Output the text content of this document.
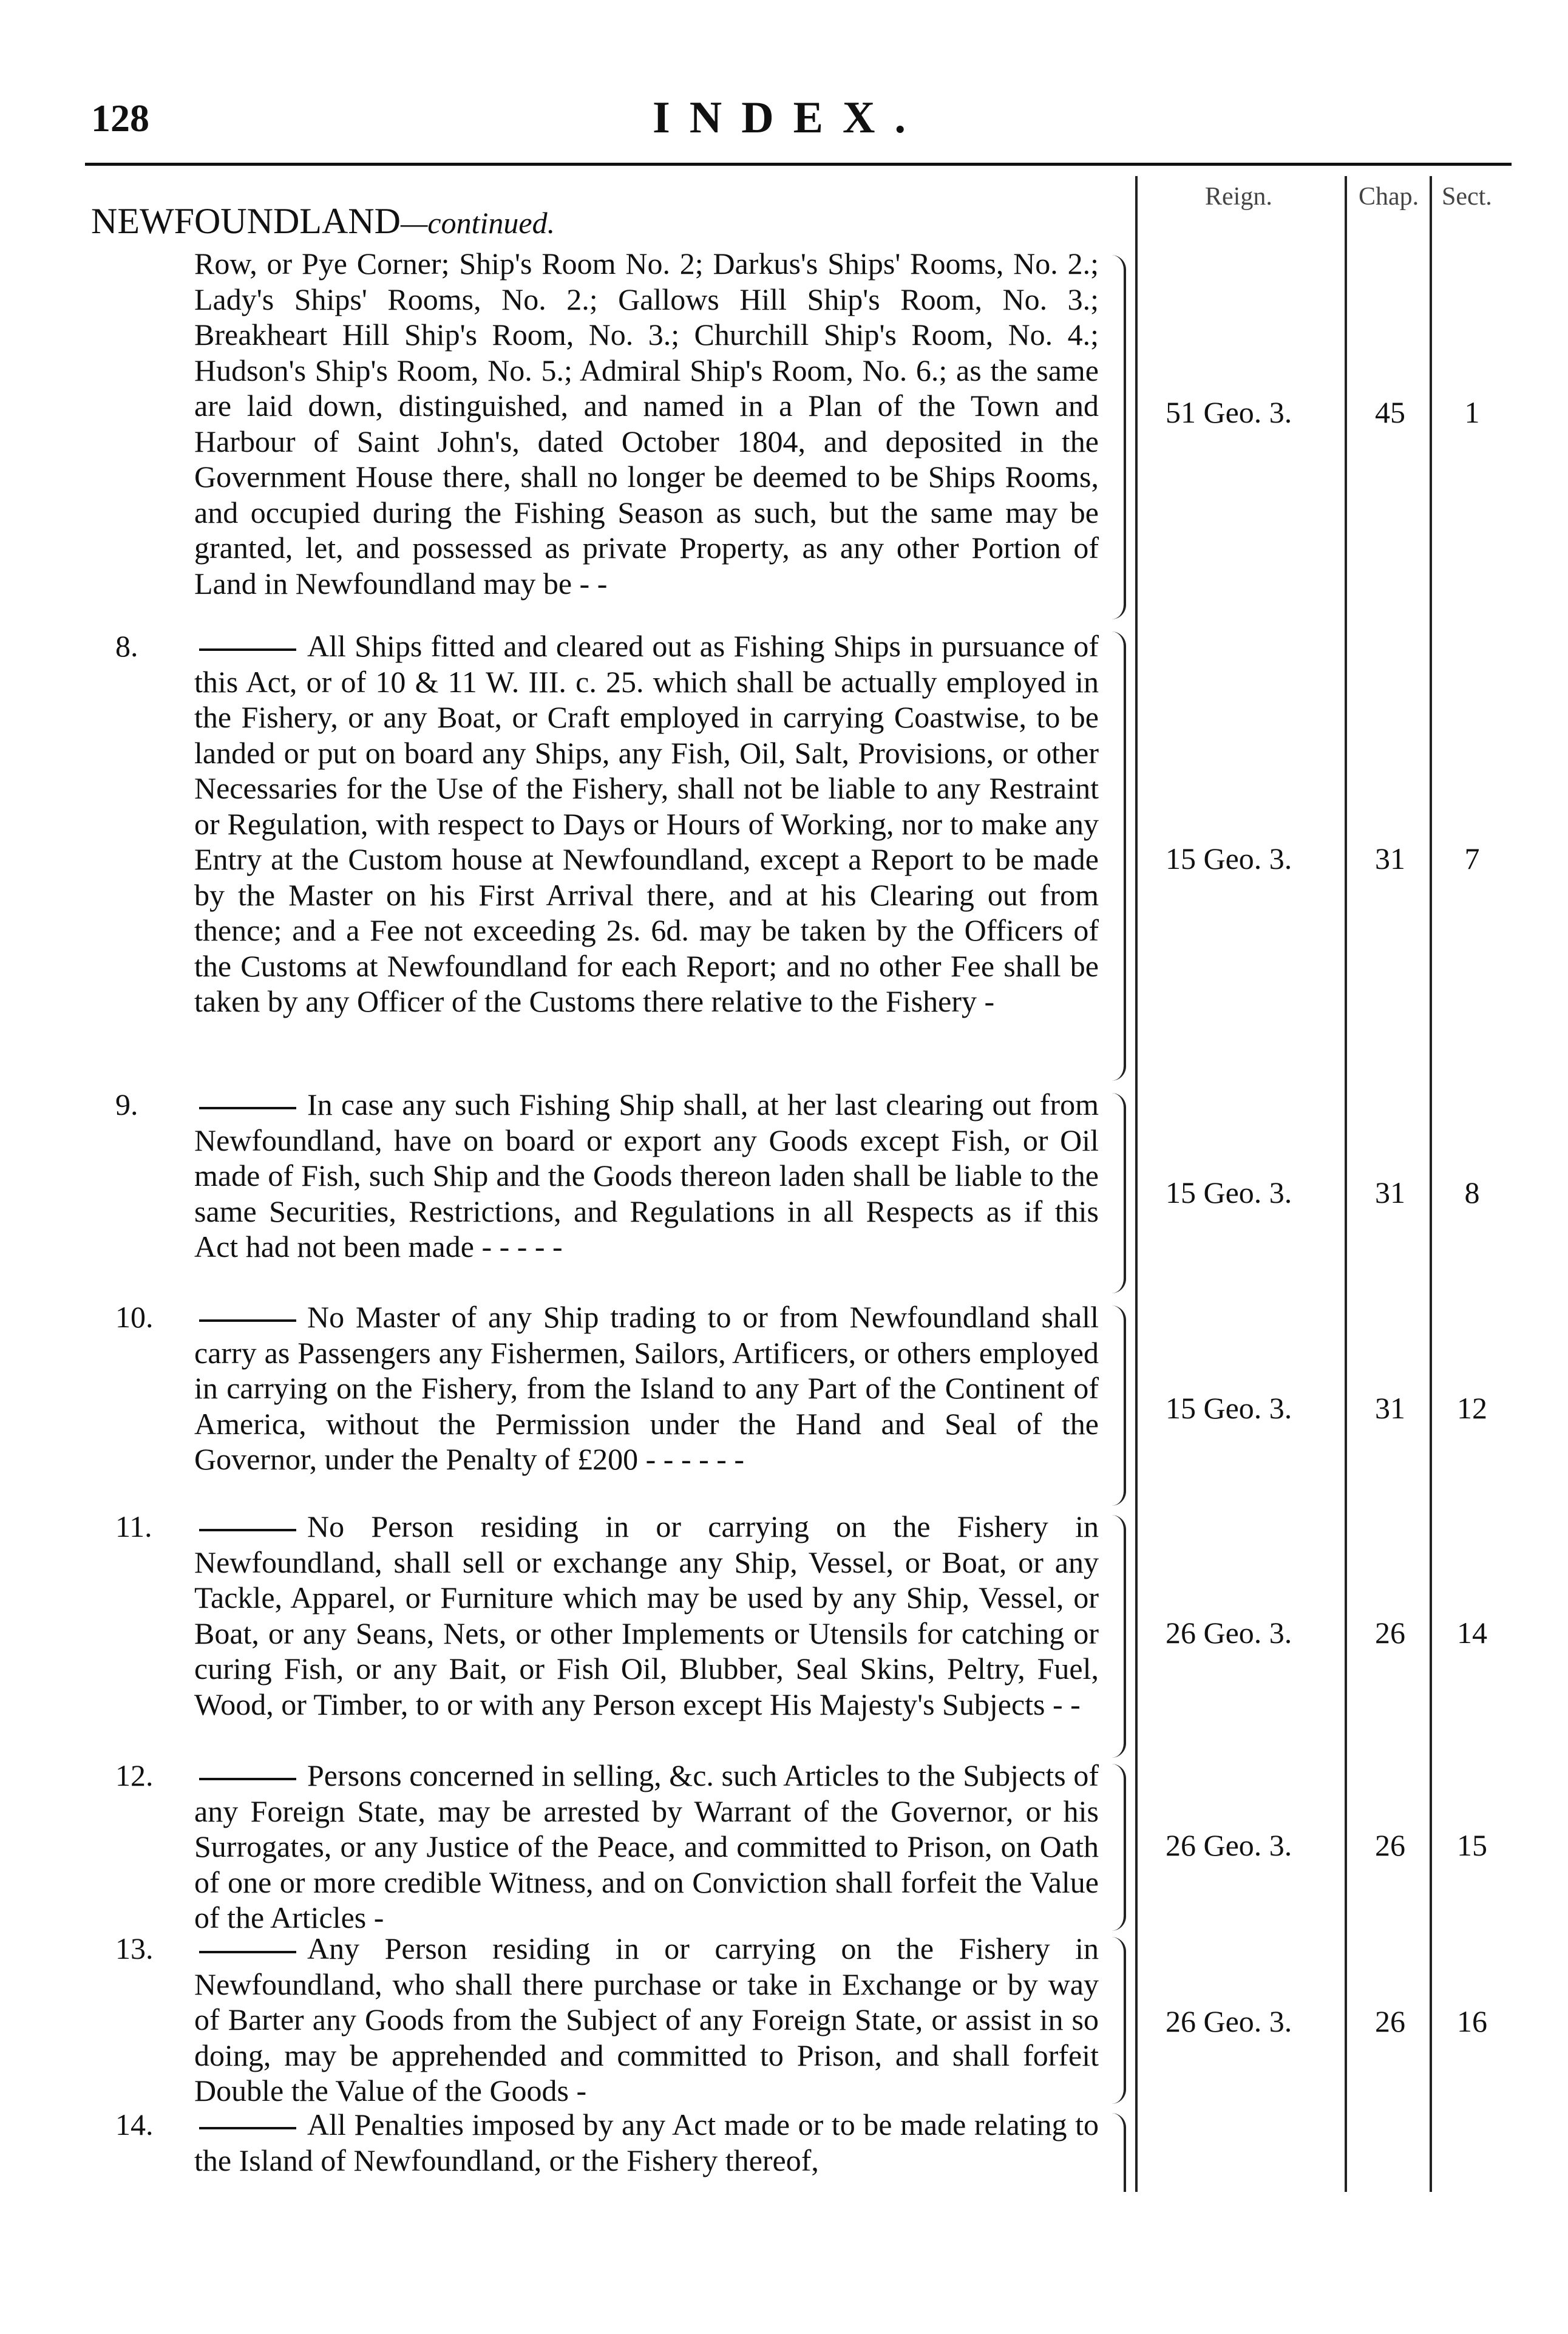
128	INDEX.
Reign.	Chap. Sect.
NEWFOUNDLAND—continued.
Row, or Pye Corner; Ship's Room No. 2; Darkus's Ships' Rooms, No. 2.; Lady's Ships' Rooms, No. 2.; Gallows Hill Ship's Room, No. 3.; Breakheart Hill Ship's Room, No. 3.; Churchill Ship's Room, No. 4.; Hudson's Ship's Room, No. 5.; Admiral Ship's Room, No. 6.; as the same are laid down, distinguished, and named in a Plan of the Town and Harbour of Saint John's, dated October 1804, and deposited in the Government House there, shall no longer be deemed to be Ships Rooms, and occupied during the Fishing Season as such, but the same may be granted, let, and possessed as private Property, as any other Portion of Land in Newfoundland may be - -
51 Geo. 3.	45	1
8.	All Ships fitted and cleared out as Fishing Ships in pursuance of this Act, or of 10 & 11 W. III. c. 25. which shall be actually employed in the Fishery, or any Boat, or Craft employed in carrying Coastwise, to be landed or put on board any Ships, any Fish, Oil, Salt, Provisions, or other Necessaries for the Use of the Fishery, shall not be liable to any Restraint or Regulation, with respect to Days or Hours of Working, nor to make any Entry at the Custom house at Newfoundland, except a Report to be made by the Master on his First Arrival there, and at his Clearing out from thence; and a Fee not exceeding 2s. 6d. may be taken by the Officers of the Customs at Newfoundland for each Report; and no other Fee shall be taken by any Officer of the Customs there relative to the Fishery -
15 Geo. 3.	31	7
9.	In case any such Fishing Ship shall, at her last clearing out from Newfoundland, have on board or export any Goods except Fish, or Oil made of Fish, such Ship and the Goods thereon laden shall be liable to the same Securities, Restrictions, and Regulations in all Respects as if this Act had not been made - - - - -
15 Geo. 3.	31	8
10.	No Master of any Ship trading to or from Newfoundland shall carry as Passengers any Fishermen, Sailors, Artificers, or others employed in carrying on the Fishery, from the Island to any Part of the Continent of America, without the Permission under the Hand and Seal of the Governor, under the Penalty of £200 - - - - - -
15 Geo. 3.	31	12
11.	No Person residing in or carrying on the Fishery in Newfoundland, shall sell or exchange any Ship, Vessel, or Boat, or any Tackle, Apparel, or Furniture which may be used by any Ship, Vessel, or Boat, or any Seans, Nets, or other Implements or Utensils for catching or curing Fish, or any Bait, or Fish Oil, Blubber, Seal Skins, Peltry, Fuel, Wood, or Timber, to or with any Person except His Majesty's Subjects - -
26 Geo. 3.	26	14
12.	Persons concerned in selling, &c. such Articles to the Subjects of any Foreign State, may be arrested by Warrant of the Governor, or his Surrogates, or any Justice of the Peace, and committed to Prison, on Oath of one or more credible Witness, and on Conviction shall forfeit the Value of the Articles -
26 Geo. 3.	26	15
13.	Any Person residing in or carrying on the Fishery in Newfoundland, who shall there purchase or take in Exchange or by way of Barter any Goods from the Subject of any Foreign State, or assist in so doing, may be apprehended and committed to Prison, and shall forfeit Double the Value of the Goods -
26 Geo. 3.	26	16
14.	All Penalties imposed by any Act made or to be made relating to the Island of Newfoundland, or the Fishery thereof,
